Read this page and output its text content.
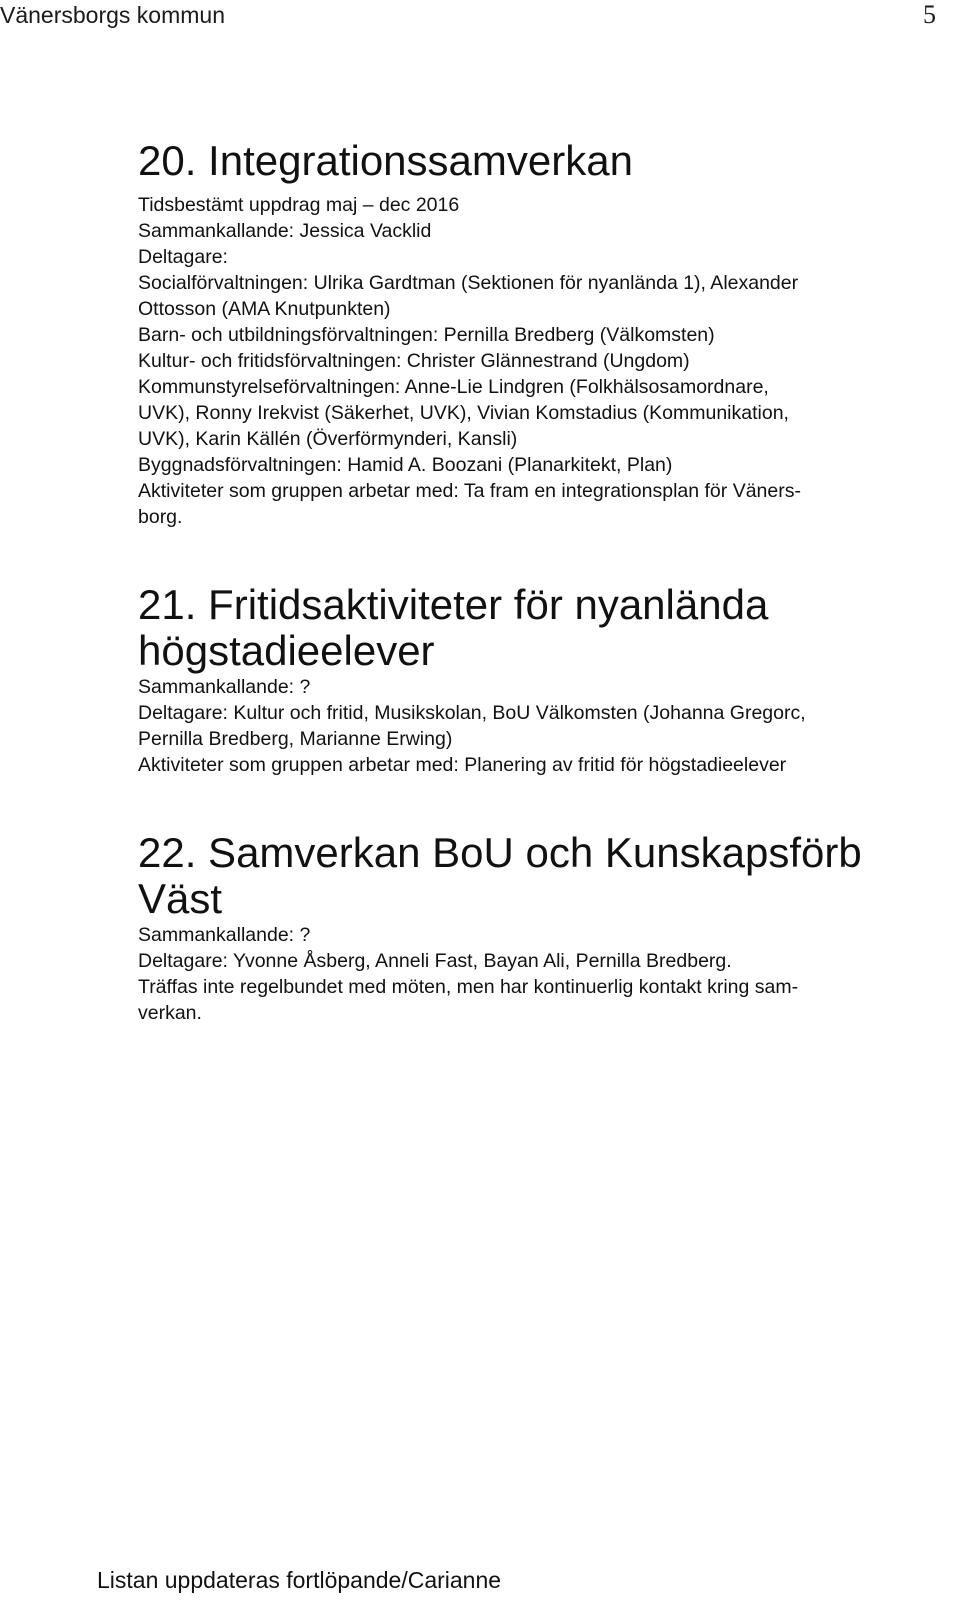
Vänersborgs kommun	5
20. Integrationssamverkan
Tidsbestämt uppdrag maj – dec 2016
Sammankallande: Jessica Vacklid
Deltagare:
Socialförvaltningen: Ulrika Gardtman (Sektionen för nyanlända 1), Alexander
Ottosson (AMA Knutpunkten)
Barn- och utbildningsförvaltningen: Pernilla Bredberg (Välkomsten)
Kultur- och fritidsförvaltningen: Christer Glännestrand (Ungdom)
Kommunstyrelseförvaltningen: Anne-Lie Lindgren (Folkhälsosamordnare,
UVK), Ronny Irekvist (Säkerhet, UVK), Vivian Komstadius (Kommunikation,
UVK), Karin Källén (Överförmynderi, Kansli)
Byggnadsförvaltningen: Hamid A. Boozani (Planarkitekt, Plan)
Aktiviteter som gruppen arbetar med: Ta fram en integrationsplan för Väners-
borg.
21. Fritidsaktiviteter för nyanlända
högstadieelever
Sammankallande: ?
Deltagare: Kultur och fritid, Musikskolan, BoU Välkomsten (Johanna Gregorc,
Pernilla Bredberg, Marianne Erwing)
Aktiviteter som gruppen arbetar med: Planering av fritid för högstadieelever
22. Samverkan BoU och Kunskapsförb
Väst
Sammankallande: ?
Deltagare: Yvonne Åsberg, Anneli Fast, Bayan Ali, Pernilla Bredberg.
Träffas inte regelbundet med möten, men har kontinuerlig kontakt kring sam-
verkan.
Listan uppdateras fortlöpande/Carianne
